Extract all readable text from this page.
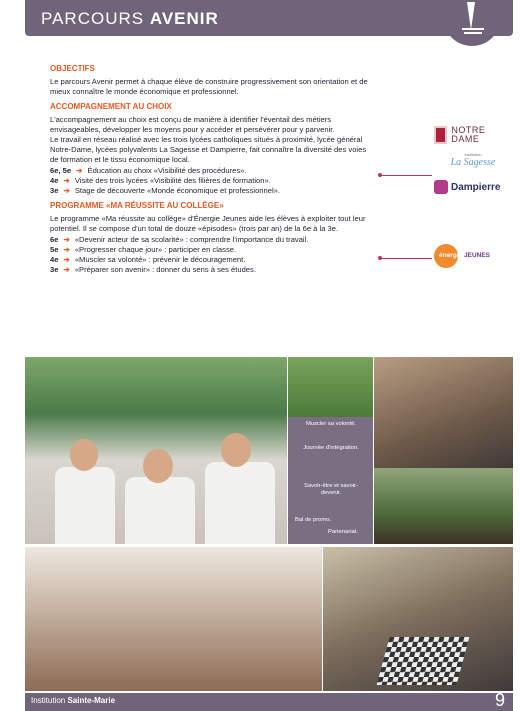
PARCOURS AVENIR
OBJECTIFS

Le parcours Avenir permet à chaque élève de construire progressivement son orientation et de mieux connaître le monde économique et professionnel.

ACCOMPAGNEMENT AU CHOIX

L'accompagnement au choix est conçu de manière à identifier l'éventail des métiers envisageables, développer les moyens pour y accéder et persévérer pour y parvenir.

Le travail en réseau réalisé avec les trois lycées catholiques situés à proximité, lycée général Notre-Dame, lycées polyvalents La Sagesse et Dampierre, fait connaître la diversité des voies de formation et le tissu économique local.

6e, 5e ➔ Éducation au choix «Visibilité des procédures».
4e ➔ Visite des trois lycées «Visibilité des filières de formation».
3e ➔ Stage de découverte «Monde économique et professionnel».
PROGRAMME «MA RÉUSSITE AU COLLÈGE»

Le programme «Ma réussite au collège» d'Énergie Jeunes aide les élèves à exploiter tout leur potentiel. Il se compose d'un total de douze «épisodes» (trois par an) de la 6e à la 3e.

6e ➔ «Devenir acteur de sa scolarité» : comprendre l'importance du travail.
5e ➔ «Progresser chaque jour» : participer en classe.
4e ➔ «Muscler sa volonté» : prévenir le découragement.
3e ➔ «Préparer son avenir» : donner du sens à ses études.
NOTRE DAME
Institution
La Sagesse
Dampierre
énergie JEUNES
Muscler sa volonté.
Journée d'intégration.
Savoir-être et savoir-devenir.
Bal de promo.
Partenariat.
Institution Sainte-Marie	9
